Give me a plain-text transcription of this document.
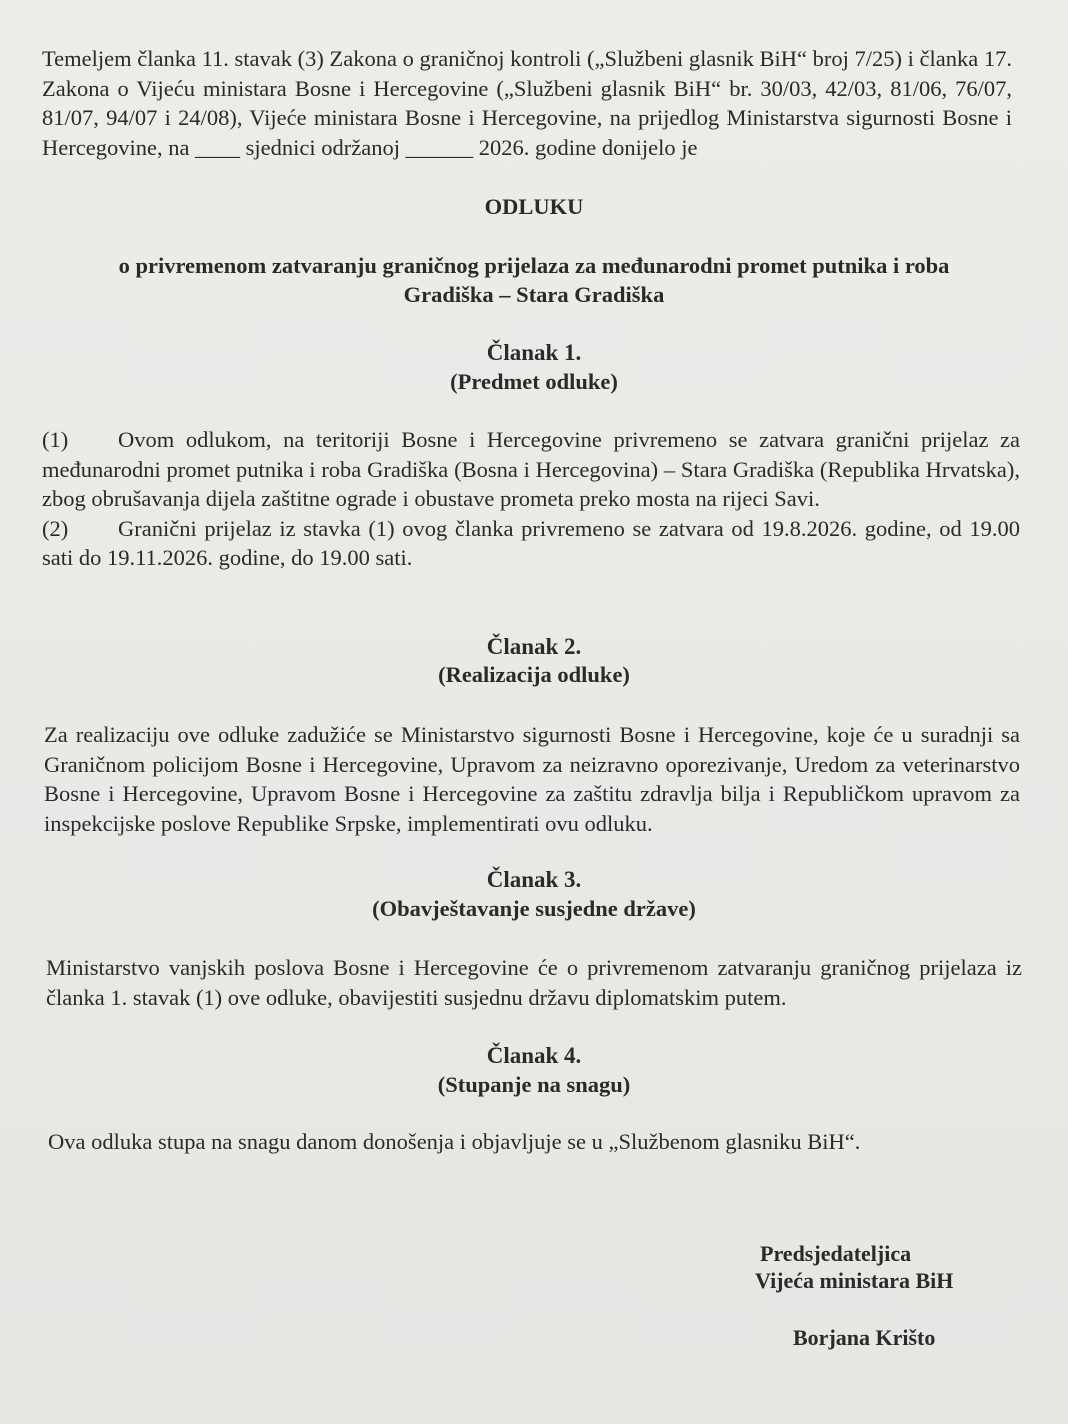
Temeljem članka 11. stavak (3) Zakona o graničnoj kontroli („Službeni glasnik BiH“ broj 7/25) i članka 17. Zakona o Vijeću ministara Bosne i Hercegovine („Službeni glasnik BiH“ br. 30/03, 42/03, 81/06, 76/07, 81/07, 94/07 i 24/08), Vijeće ministara Bosne i Hercegovine, na prijedlog Ministarstva sigurnosti Bosne i Hercegovine, na ____ sjednici održanoj ______ 2026. godine donijelo je
ODLUKU
o privremenom zatvaranju graničnog prijelaza za međunarodni promet putnika i roba
Gradiška – Stara Gradiška
Članak 1.
(Predmet odluke)
(1) Ovom odlukom, na teritoriji Bosne i Hercegovine privremeno se zatvara granični prijelaz za međunarodni promet putnika i roba Gradiška (Bosna i Hercegovina) – Stara Gradiška (Republika Hrvatska), zbog obrušavanja dijela zaštitne ograde i obustave prometa preko mosta na rijeci Savi.
(2) Granični prijelaz iz stavka (1) ovog članka privremeno se zatvara od 19.8.2026. godine, od 19.00 sati do 19.11.2026. godine, do 19.00 sati.
Članak 2.
(Realizacija odluke)
Za realizaciju ove odluke zadužiće se Ministarstvo sigurnosti Bosne i Hercegovine, koje će u suradnji sa Graničnom policijom Bosne i Hercegovine, Upravom za neizravno oporezivanje, Uredom za veterinarstvo Bosne i Hercegovine, Upravom Bosne i Hercegovine za zaštitu zdravlja bilja i Republičkom upravom za inspekcijske poslove Republike Srpske, implementirati ovu odluku.
Članak 3.
(Obavještavanje susjedne države)
Ministarstvo vanjskih poslova Bosne i Hercegovine će o privremenom zatvaranju graničnog prijelaza iz članka 1. stavak (1) ove odluke, obavijestiti susjednu državu diplomatskim putem.
Članak 4.
(Stupanje na snagu)
Ova odluka stupa na snagu danom donošenja i objavljuje se u „Službenom glasniku BiH“.
Predsjedateljica
Vijeća ministara BiH
Borjana Krišto
